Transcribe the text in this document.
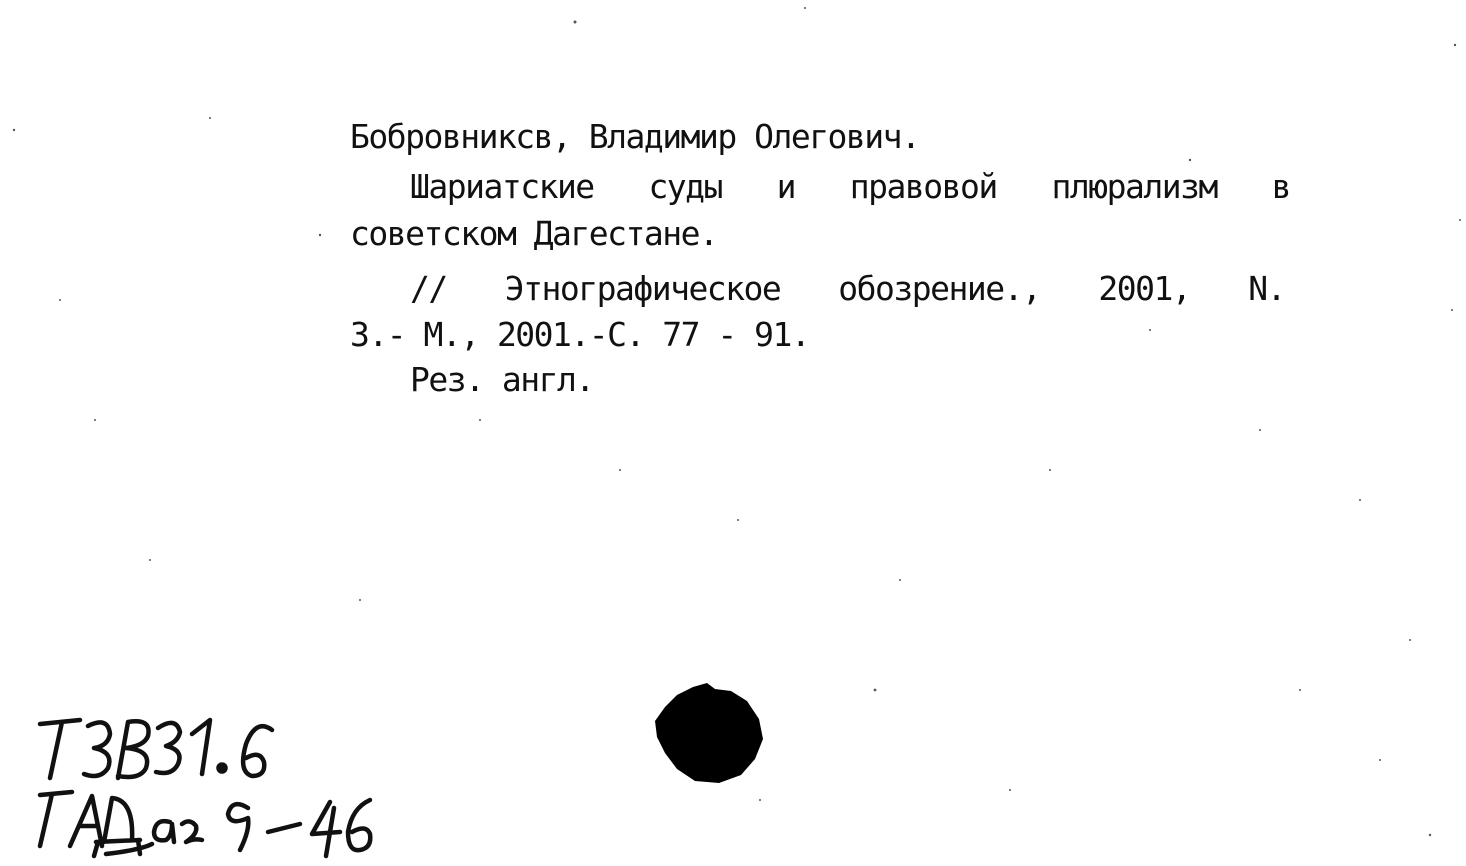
Бобровниксв, Владимир Олегович.
Шариатские суды и правовой плюрализм в
советском Дагестане.
// Этнографическое обозрение., 2001, N.
3.- М., 2001.-С. 77 - 91.
Рез. англ.
